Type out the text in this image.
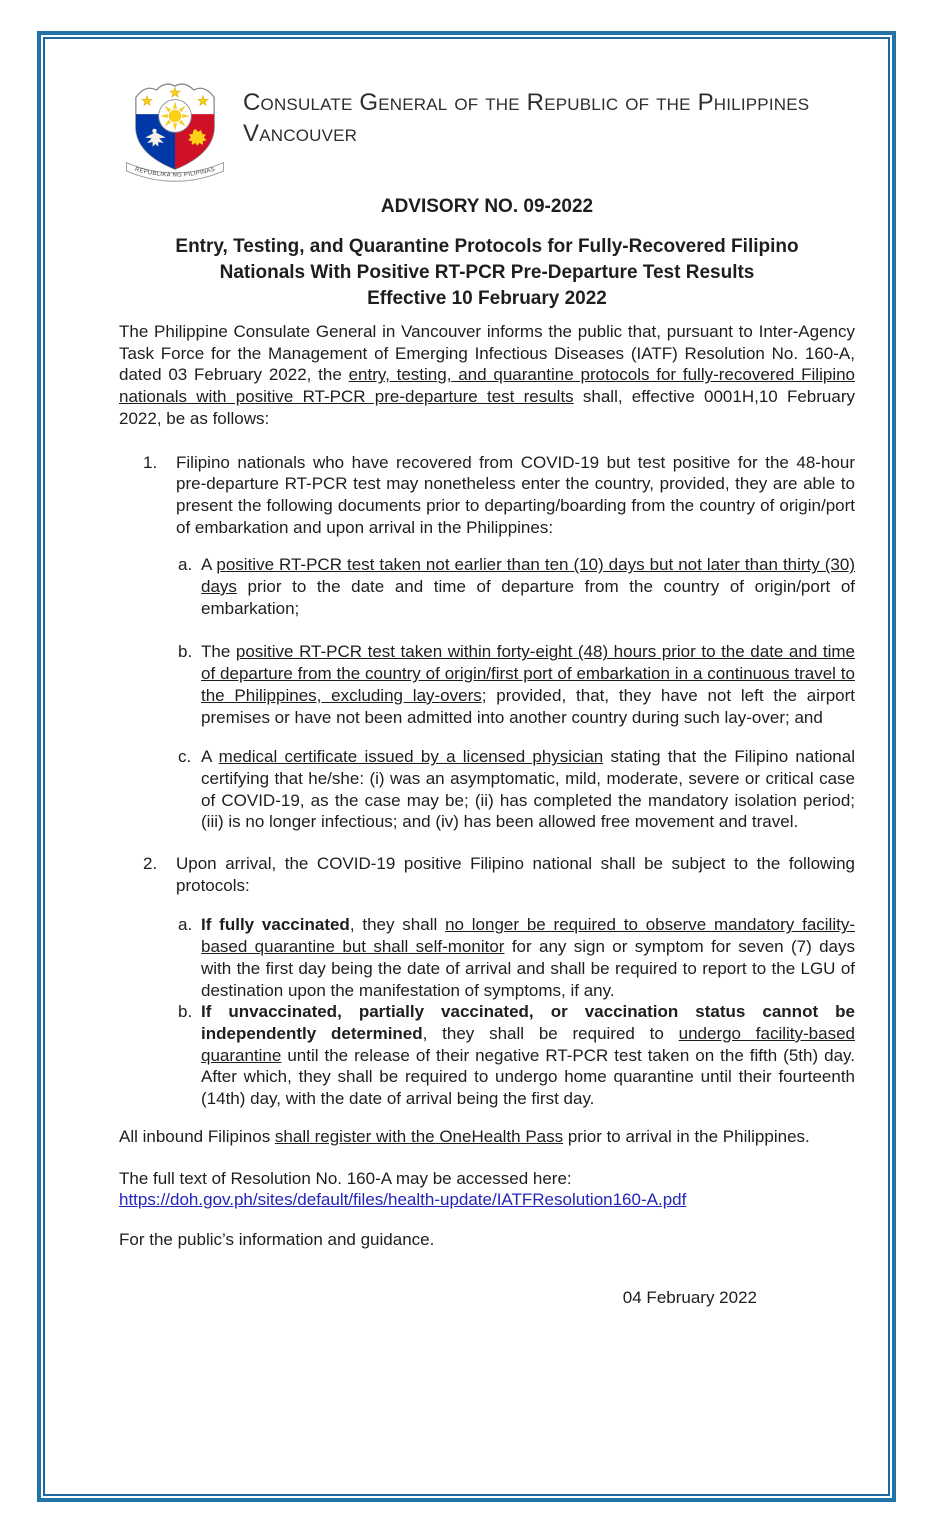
REPUBLIKA NG PILIPINAS
Consulate General of the Republic of the Philippines
Vancouver
ADVISORY NO. 09-2022
Entry, Testing, and Quarantine Protocols for Fully-Recovered Filipino
Nationals With Positive RT-PCR Pre-Departure Test Results
Effective 10 February 2022

The Philippine Consulate General in Vancouver informs the public that, pursuant to Inter-Agency Task Force for the Management of Emerging Infectious Diseases (IATF) Resolution No. 160-A, dated 03 February 2022, the entry, testing, and quarantine protocols for fully-recovered Filipino nationals with positive RT-PCR pre-departure test results shall, effective 0001H,10 February 2022, be as follows:

1.	Filipino nationals who have recovered from COVID-19 but test positive for the 48-hour pre-departure RT-PCR test may nonetheless enter the country, provided, they are able to present the following documents prior to departing/boarding from the country of origin/port of embarkation and upon arrival in the Philippines:
a. A positive RT-PCR test taken not earlier than ten (10) days but not later than thirty (30) days prior to the date and time of departure from the country of origin/port of embarkation;
b. The positive RT-PCR test taken within forty-eight (48) hours prior to the date and time of departure from the country of origin/first port of embarkation in a continuous travel to the Philippines, excluding lay-overs; provided, that, they have not left the airport premises or have not been admitted into another country during such lay-over; and
c. A medical certificate issued by a licensed physician stating that the Filipino national certifying that he/she: (i) was an asymptomatic, mild, moderate, severe or critical case of COVID-19, as the case may be; (ii) has completed the mandatory isolation period; (iii) is no longer infectious; and (iv) has been allowed free movement and travel.
2.	Upon arrival, the COVID-19 positive Filipino national shall be subject to the following protocols:
a. If fully vaccinated, they shall no longer be required to observe mandatory facility-based quarantine but shall self-monitor for any sign or symptom for seven (7) days with the first day being the date of arrival and shall be required to report to the LGU of destination upon the manifestation of symptoms, if any.
b. If unvaccinated, partially vaccinated, or vaccination status cannot be independently determined, they shall be required to undergo facility-based quarantine until the release of their negative RT-PCR test taken on the fifth (5th) day. After which, they shall be required to undergo home quarantine until their fourteenth (14th) day, with the date of arrival being the first day.

All inbound Filipinos shall register with the OneHealth Pass prior to arrival in the Philippines.

The full text of Resolution No. 160-A may be accessed here:
https://doh.gov.ph/sites/default/files/health-update/IATFResolution160-A.pdf

For the public’s information and guidance.

04 February 2022
